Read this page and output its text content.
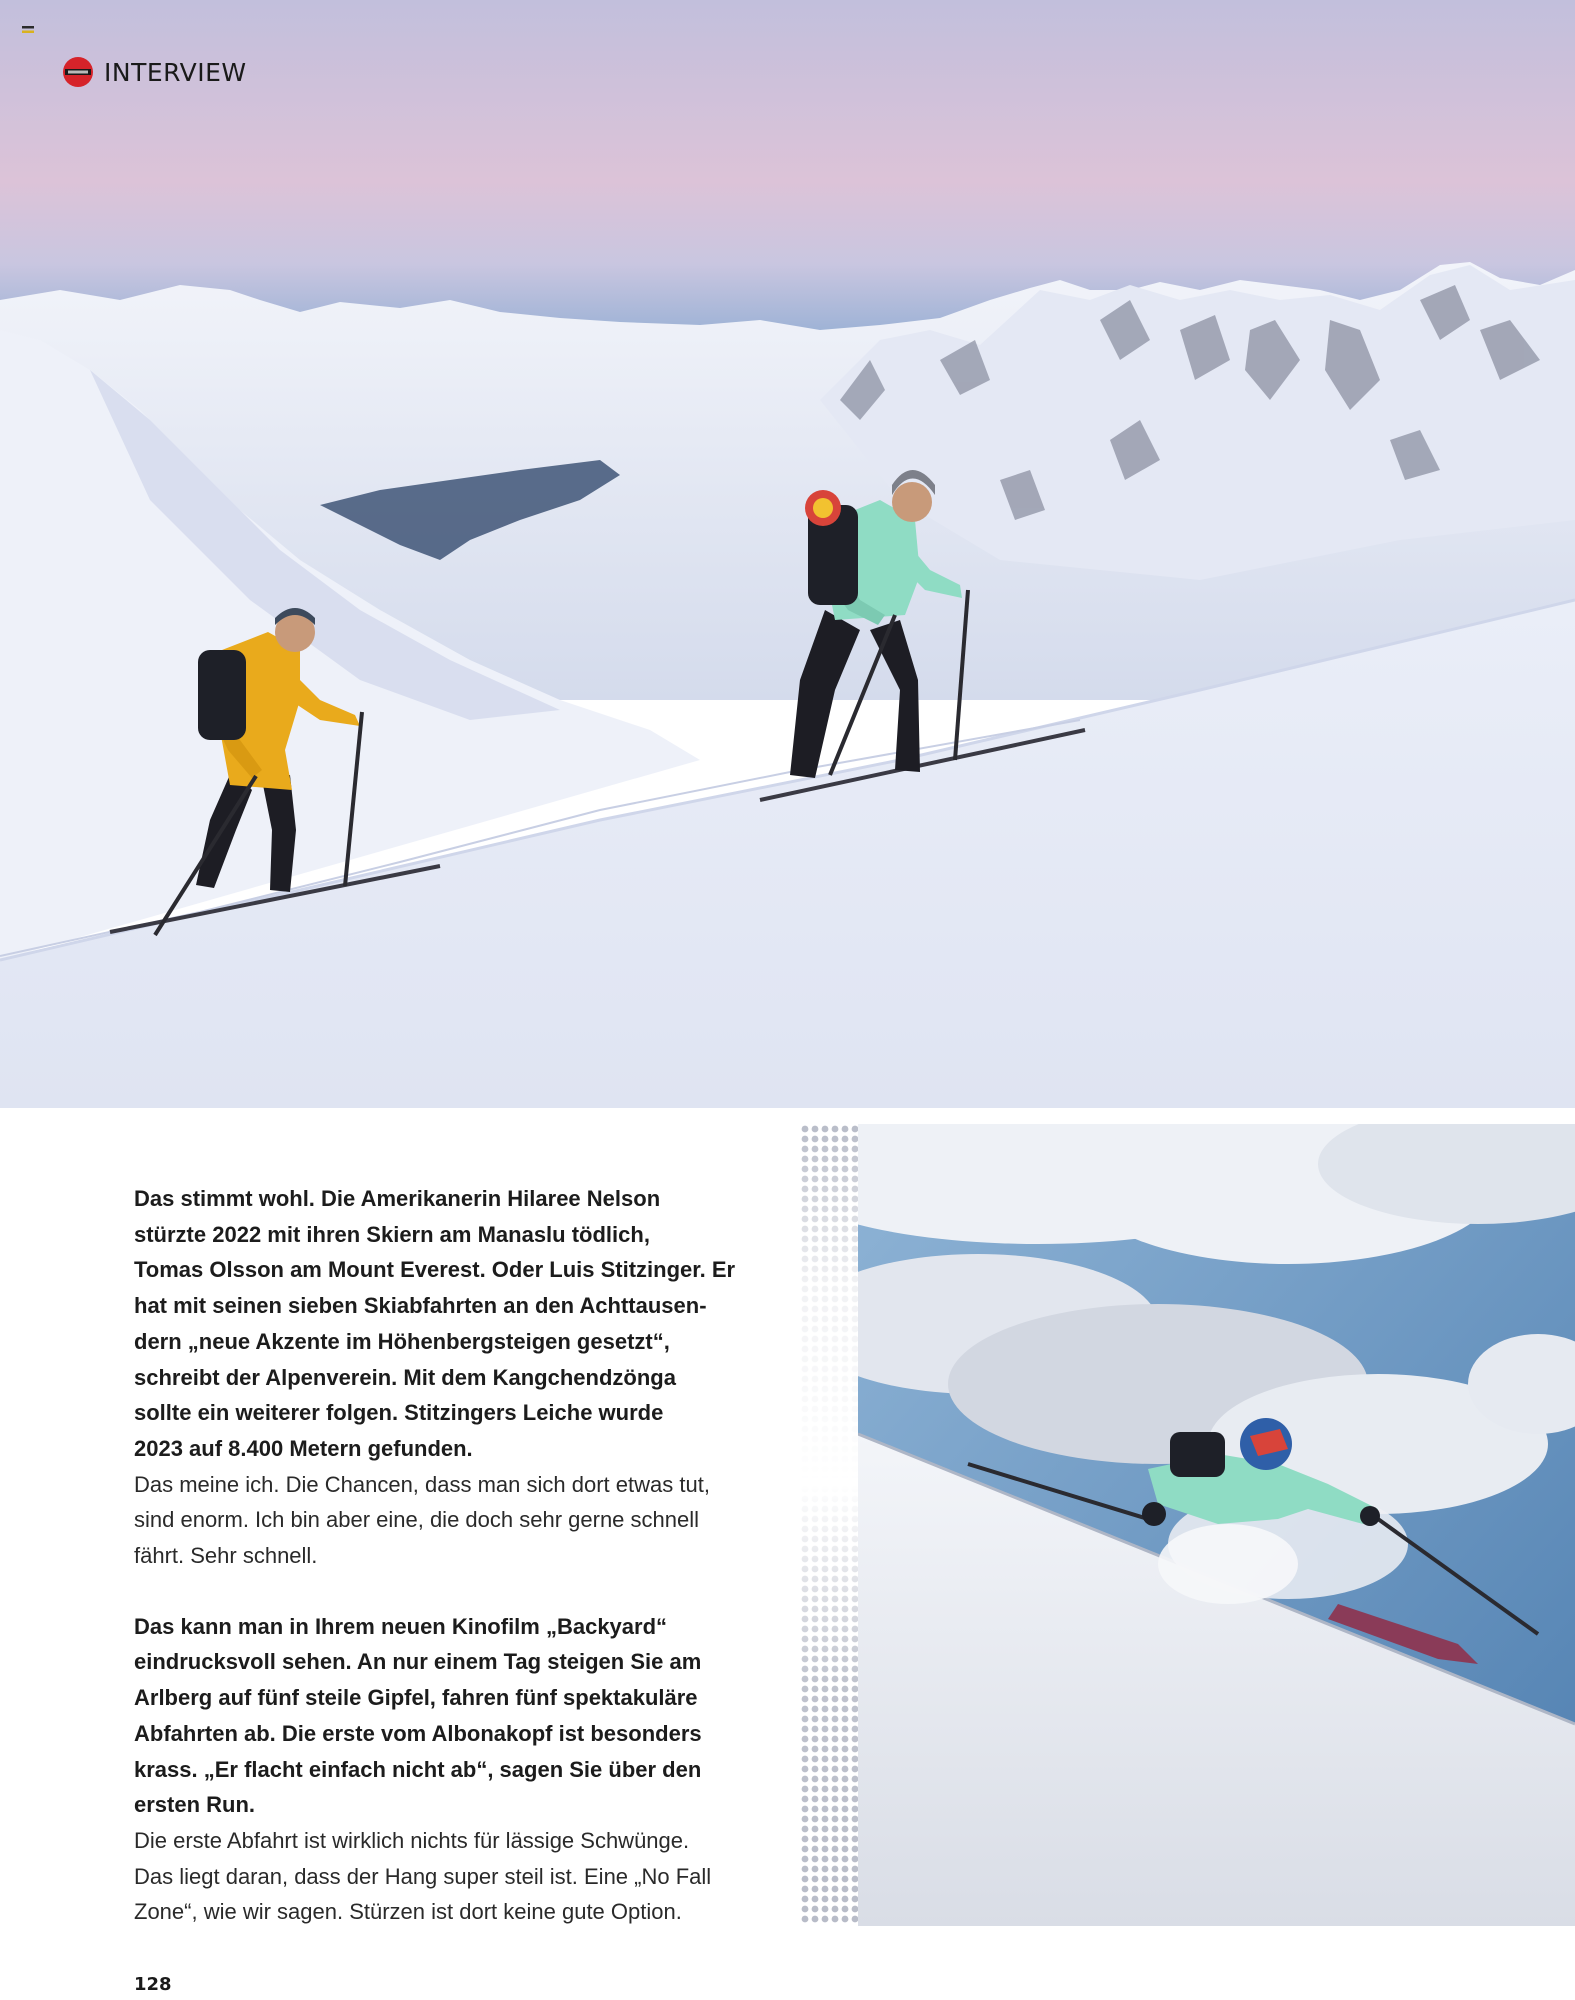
INTERVIEW

Das stimmt wohl. Die Amerikanerin Hilaree Nelson

stürzte 2022 mit ihren Skiern am Manaslu tödlich,

Tomas Olsson am Mount Everest. Oder Luis Stitzinger. Er

hat mit seinen sieben Skiabfahrten an den Achttausen-

dern „neue Akzente im Höhenbergsteigen gesetzt“,

schreibt der Alpenverein. Mit dem Kangchendzönga

sollte ein weiterer folgen. Stitzingers Leiche wurde

2023 auf 8.400 Metern gefunden.

Das meine ich. Die Chancen, dass man sich dort etwas tut,

sind enorm. Ich bin aber eine, die doch sehr gerne schnell

fährt. Sehr schnell.

Das kann man in Ihrem neuen Kinofilm „Backyard“

eindrucksvoll sehen. An nur einem Tag steigen Sie am

Arlberg auf fünf steile Gipfel, fahren fünf spektakuläre

Abfahrten ab. Die erste vom Albonakopf ist besonders

krass. „Er flacht einfach nicht ab“, sagen Sie über den

ersten Run.

Die erste Abfahrt ist wirklich nichts für lässige Schwünge.

Das liegt daran, dass der Hang super steil ist. Eine „No Fall

Zone“, wie wir sagen. Stürzen ist dort keine gute Option.

128
